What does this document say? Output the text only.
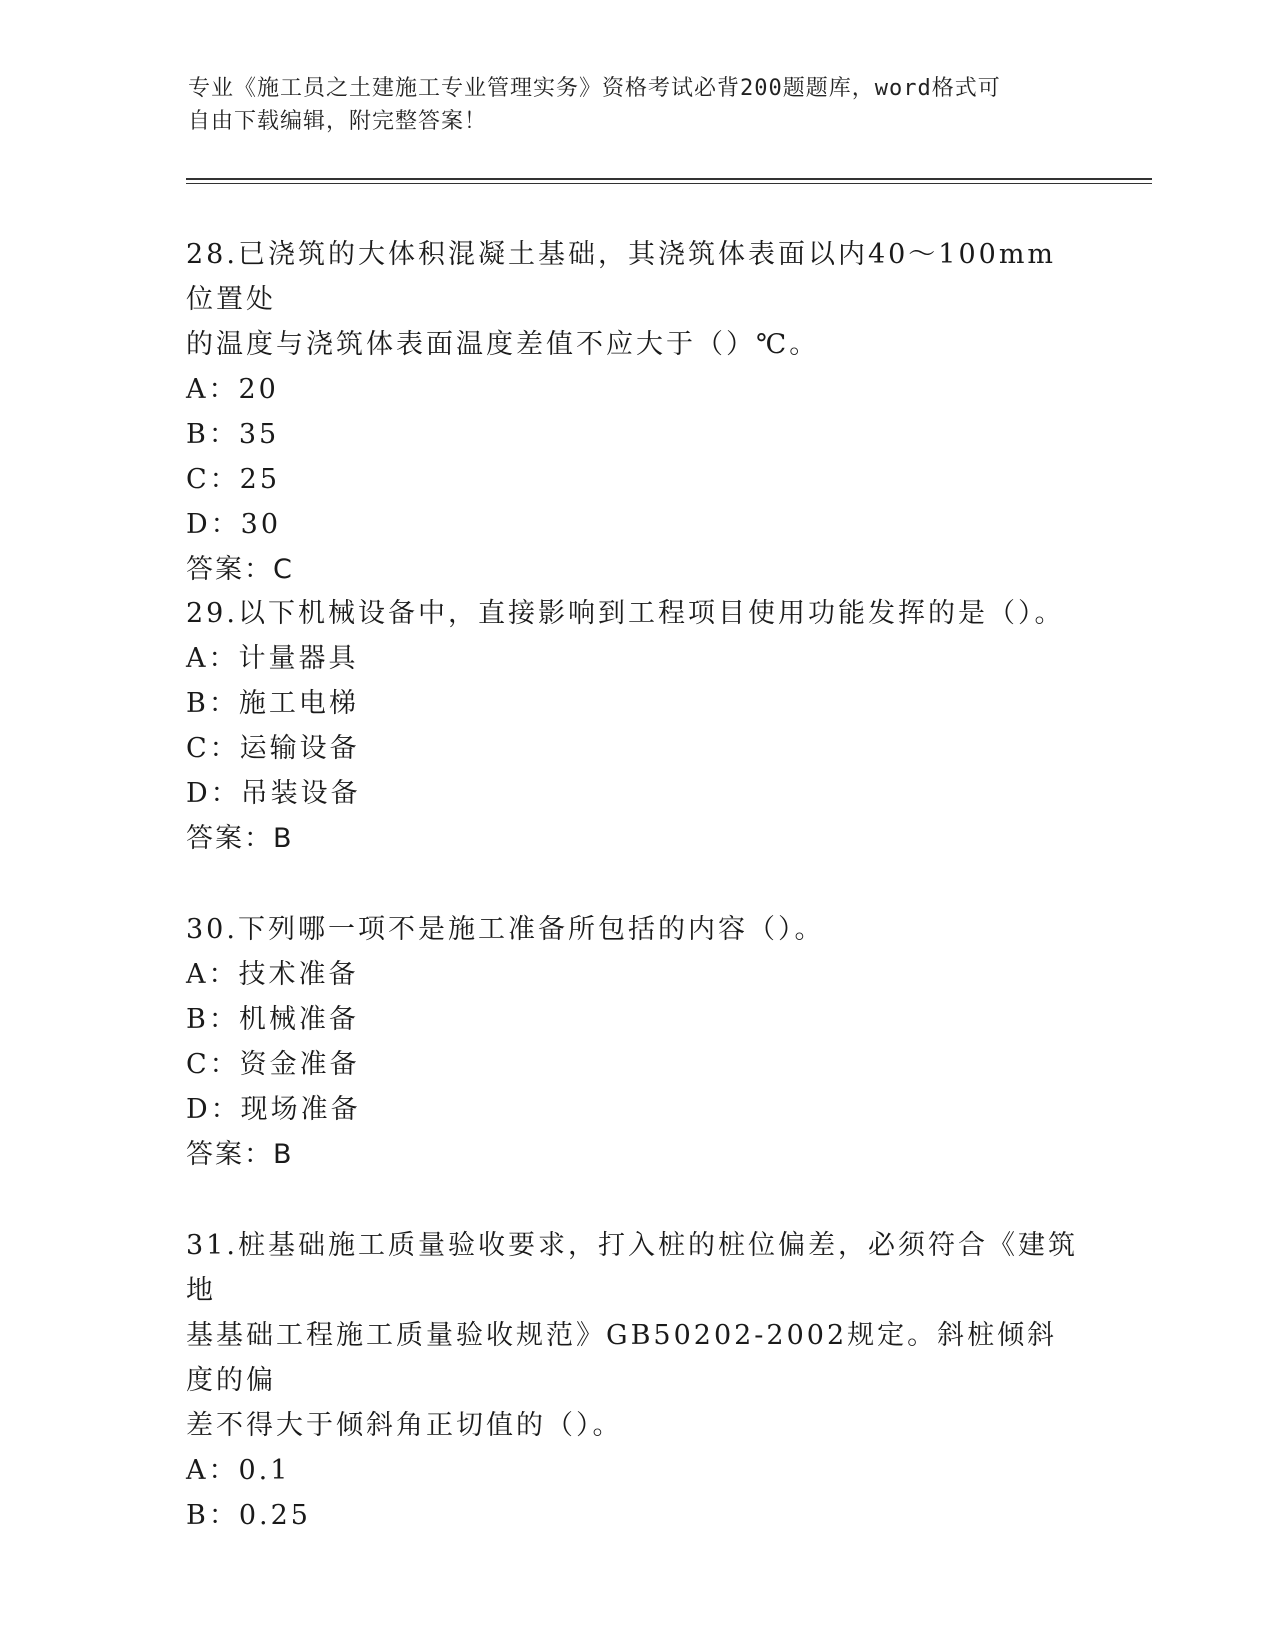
专业《施工员之土建施工专业管理实务》资格考试必背200题题库，word格式可
自由下载编辑，附完整答案！

28.已浇筑的大体积混凝土基础，其浇筑体表面以内40～100mm位置处

的温度与浇筑体表面温度差值不应大于（）℃。

A：20

B：35

C：25

D：30

答案：C

29.以下机械设备中，直接影响到工程项目使用功能发挥的是（）。

A：计量器具

B：施工电梯

C：运输设备

D：吊装设备

答案：B

30.下列哪一项不是施工准备所包括的内容（）。

A：技术准备

B：机械准备

C：资金准备

D：现场准备

答案：B

31.桩基础施工质量验收要求，打入桩的桩位偏差，必须符合《建筑地

基基础工程施工质量验收规范》GB50202-2002规定。斜桩倾斜度的偏

差不得大于倾斜角正切值的（）。

A：0.1

B：0.25
